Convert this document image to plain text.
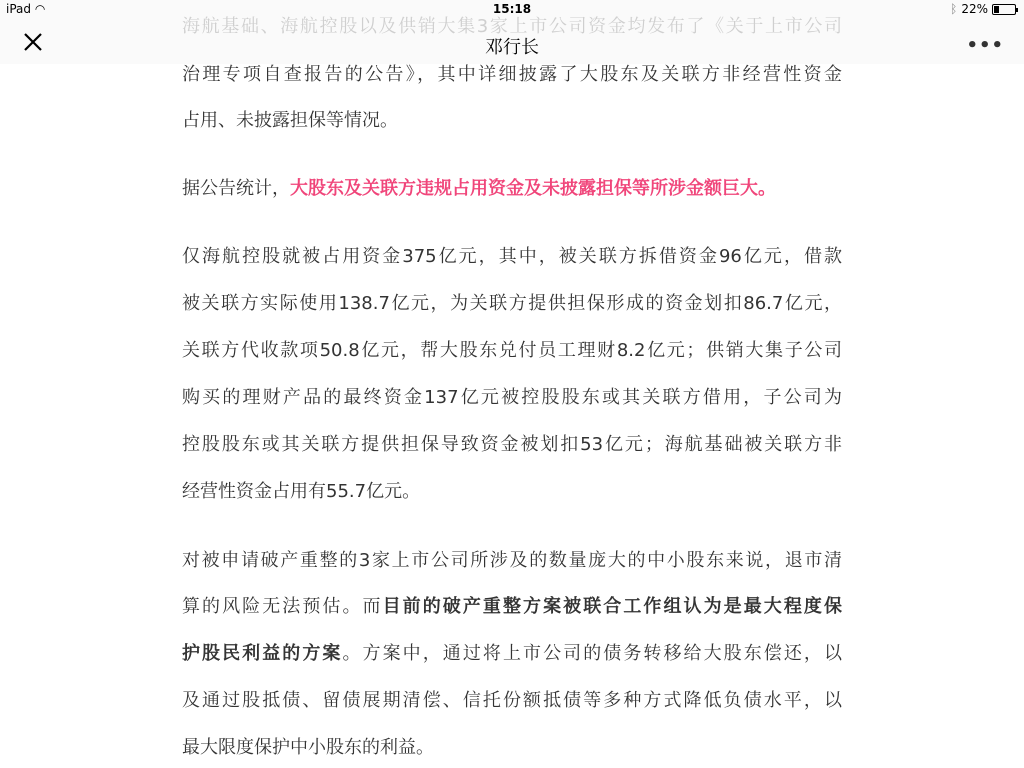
治理专项自查报告的公告》，其中详细披露了大股东及关联方非经营性资金
占用、未披露担保等情况。
据公告统计，大股东及关联方违规占用资金及未披露担保等所涉金额巨大。
仅海航控股就被占用资金375亿元，其中，被关联方拆借资金96亿元，借款
被关联方实际使用138.7亿元，为关联方提供担保形成的资金划扣86.7亿元，
关联方代收款项50.8亿元，帮大股东兑付员工理财8.2亿元；供销大集子公司
购买的理财产品的最终资金137亿元被控股股东或其关联方借用，子公司为
控股股东或其关联方提供担保导致资金被划扣53亿元；海航基础被关联方非
经营性资金占用有55.7亿元。
对被申请破产重整的3家上市公司所涉及的数量庞大的中小股东来说，退市清
算的风险无法预估。而目前的破产重整方案被联合工作组认为是最大程度保
护股民利益的方案。方案中，通过将上市公司的债务转移给大股东偿还，以
及通过股抵债、留债展期清偿、信托份额抵债等多种方式降低负债水平，以
最大限度保护中小股东的利益。
iPad ◠	15:18	ᛒ 22%
邓行长	•••
海航基础、海航控股以及供销大集3家上市公司资金均发布了《关于上市公司
